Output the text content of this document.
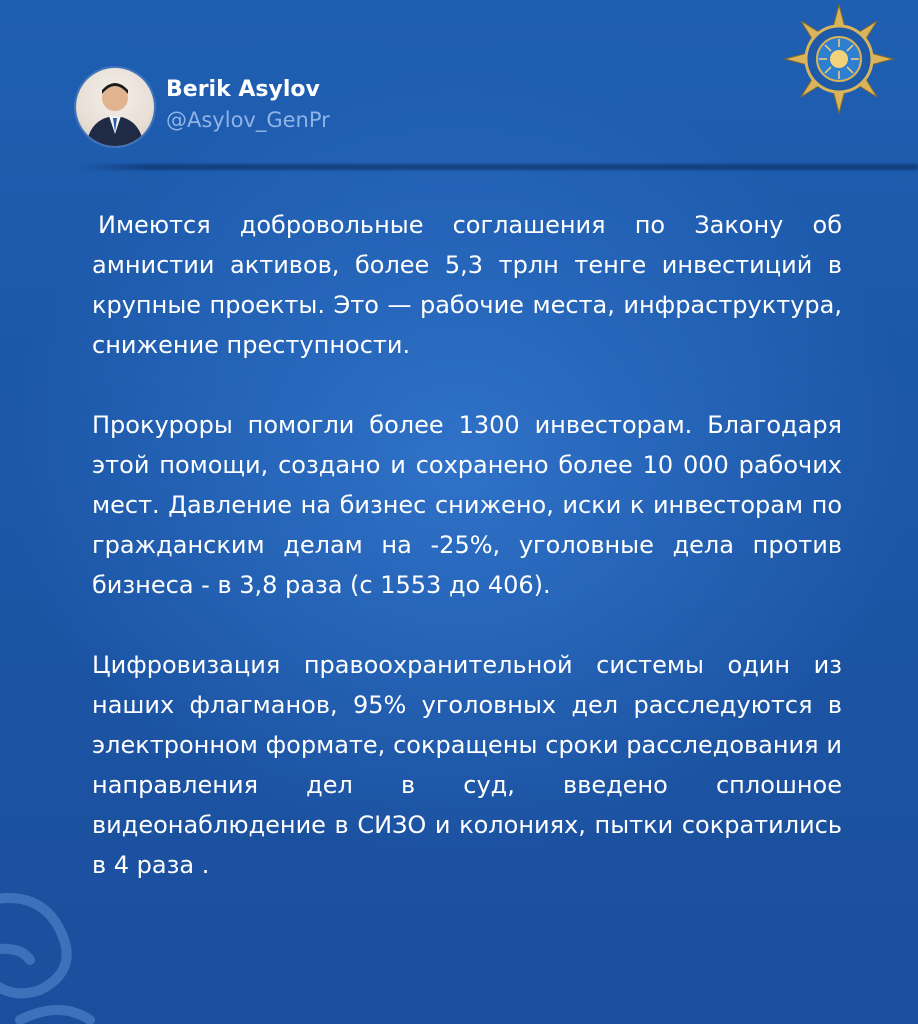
Berik Asylov
@Asylov_GenPr

Имеются добровольные соглашения по Закону об амнистии активов, более 5,3 трлн тенге инвестиций в крупные проекты. Это — рабочие места, инфраструктура, снижение преступности.

Прокуроры помогли более 1300 инвесторам. Благодаря этой помощи, создано и сохранено более 10 000 рабочих мест. Давление на бизнес снижено, иски к инвесторам по гражданским делам на -25%, уголовные дела против бизнеса - в 3,8 раза (с 1553 до 406).

Цифровизация правоохранительной системы один из наших флагманов, 95% уголовных дел расследуются в электронном формате, сокращены сроки расследования и направления дел в суд, введено сплошное видеонаблюдение в СИЗО и колониях, пытки сократились в 4 раза .
